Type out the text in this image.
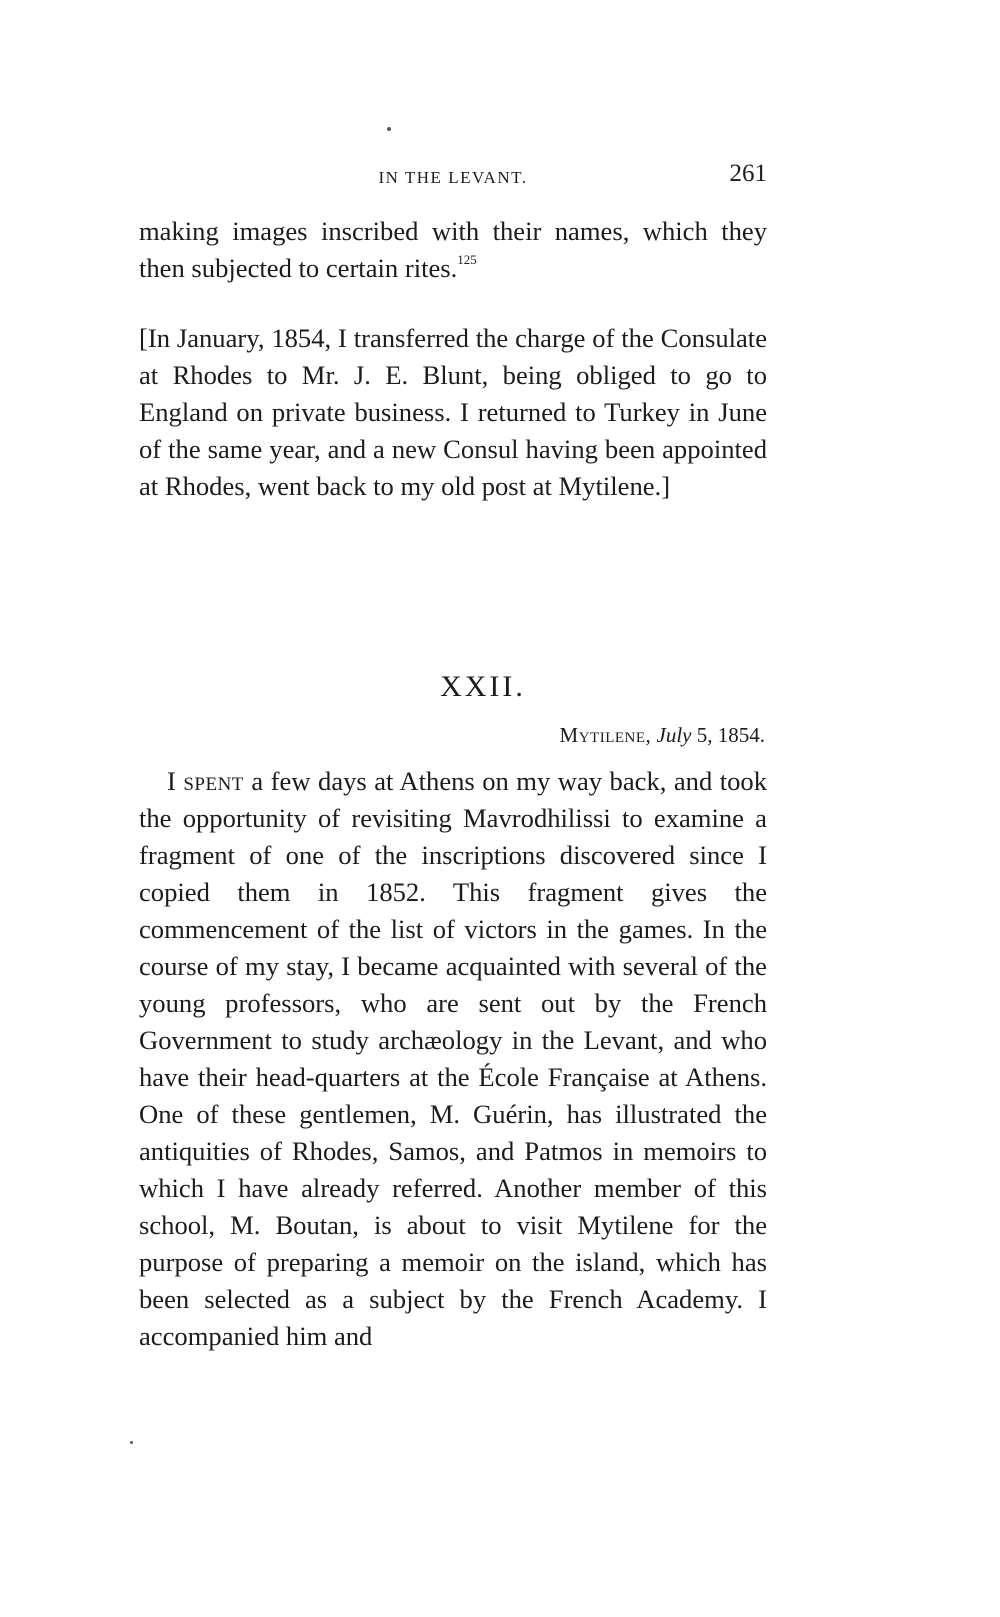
IN THE LEVANT.	261

making images inscribed with their names, which they then subjected to certain rites.$^{125}$

[In January, 1854, I transferred the charge of the Consulate at Rhodes to Mr. J. E. Blunt, being obliged to go to England on private business. I returned to Turkey in June of the same year, and a new Consul having been appointed at Rhodes, went back to my old post at Mytilene.]

XXII.
Mytilene, July 5, 1854.

I spent a few days at Athens on my way back, and took the opportunity of revisiting Mavrodhilissi to examine a fragment of one of the inscriptions discovered since I copied them in 1852. This fragment gives the commencement of the list of victors in the games. In the course of my stay, I became acquainted with several of the young professors, who are sent out by the French Government to study archæology in the Levant, and who have their head-quarters at the École Française at Athens. One of these gentlemen, M. Guérin, has illustrated the antiquities of Rhodes, Samos, and Patmos in memoirs to which I have already referred. Another member of this school, M. Boutan, is about to visit Mytilene for the purpose of preparing a memoir on the island, which has been selected as a subject by the French Academy. I accompanied him and
